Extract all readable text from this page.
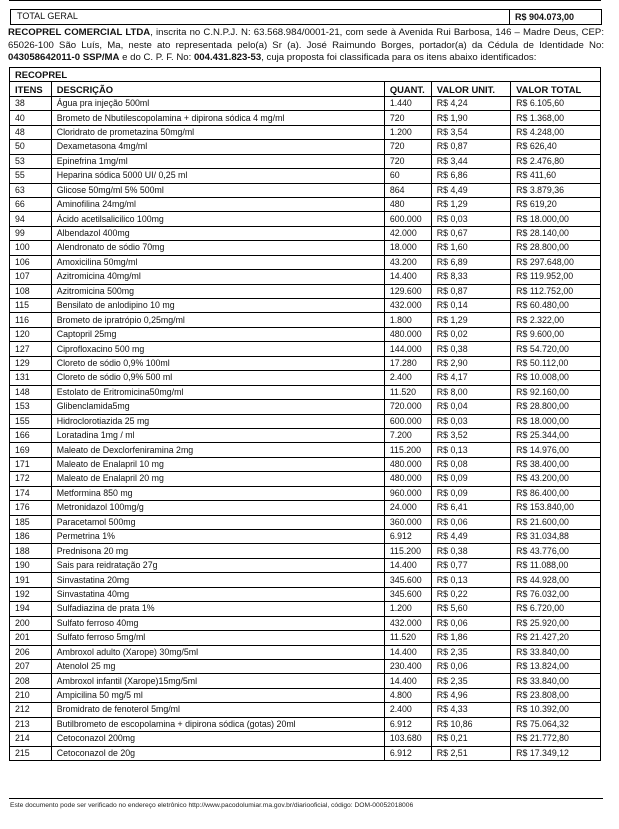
TOTAL GERAL	R$ 904.073,00
RECOPREL COMERCIAL LTDA, inscrita no C.N.P.J. N: 63.568.984/0001-21, com sede à Avenida Rui Barbosa, 146 – Madre Deus, CEP: 65026-100 São Luís, Ma, neste ato representada pelo(a) Sr (a). José Raimundo Borges, portador(a) da Cédula de Identidade No: 043058642011-0 SSP/MA e do C. P. F. No: 004.431.823-53, cuja proposta foi classificada para os itens abaixo identificados:
RECOPREL				
ITENS	DESCRIÇÃO	QUANT.	VALOR UNIT.	VALOR TOTAL
38	Água pra injeção 500ml	1.440	R$ 4,24	R$ 6.105,60
40	Brometo de Nbutilescopolamina + dipirona sódica 4 mg/ml	720	R$ 1,90	R$ 1.368,00
48	Cloridrato de prometazina 50mg/ml	1.200	R$ 3,54	R$ 4.248,00
50	Dexametasona 4mg/ml	720	R$ 0,87	R$ 626,40
53	Epinefrina 1mg/ml	720	R$ 3,44	R$ 2.476,80
55	Heparina sódica 5000 UI/ 0,25 ml	60	R$ 6,86	R$ 411,60
63	Glicose 50mg/ml 5% 500ml	864	R$ 4,49	R$ 3.879,36
66	Aminofilina 24mg/ml	480	R$ 1,29	R$ 619,20
94	Ácido acetilsalicilico 100mg	600.000	R$ 0,03	R$ 18.000,00
99	Albendazol 400mg	42.000	R$ 0,67	R$ 28.140,00
100	Alendronato de sódio 70mg	18.000	R$ 1,60	R$ 28.800,00
106	Amoxicilina 50mg/ml	43.200	R$ 6,89	R$ 297.648,00
107	Azitromicina 40mg/ml	14.400	R$ 8,33	R$ 119.952,00
108	Azitromicina 500mg	129.600	R$ 0,87	R$ 112.752,00
115	Bensilato de anlodipino 10 mg	432.000	R$ 0,14	R$ 60.480,00
116	Brometo de ipratrópio 0,25mg/ml	1.800	R$ 1,29	R$ 2.322,00
120	Captopril 25mg	480.000	R$ 0,02	R$ 9.600,00
127	Ciprofloxacino 500 mg	144.000	R$ 0,38	R$ 54.720,00
129	Cloreto de sódio 0,9% 100ml	17.280	R$ 2,90	R$ 50.112,00
131	Cloreto de sódio 0,9% 500 ml	2.400	R$ 4,17	R$ 10.008,00
148	Estolato de Eritromicina50mg/ml	11.520	R$ 8,00	R$ 92.160,00
153	Glibenclamida5mg	720.000	R$ 0,04	R$ 28.800,00
155	Hidroclorotiazida 25 mg	600.000	R$ 0,03	R$ 18.000,00
166	Loratadina 1mg / ml	7.200	R$ 3,52	R$ 25.344,00
169	Maleato de Dexclorfeniramina 2mg	115.200	R$ 0,13	R$ 14.976,00
171	Maleato de Enalapril 10 mg	480.000	R$ 0,08	R$ 38.400,00
172	Maleato de Enalapril 20 mg	480.000	R$ 0,09	R$ 43.200,00
174	Metformina 850 mg	960.000	R$ 0,09	R$ 86.400,00
176	Metronidazol 100mg/g	24.000	R$ 6,41	R$ 153.840,00
185	Paracetamol 500mg	360.000	R$ 0,06	R$ 21.600,00
186	Permetrina 1%	6.912	R$ 4,49	R$ 31.034,88
188	Prednisona 20 mg	115.200	R$ 0,38	R$ 43.776,00
190	Sais para reidratação 27g	14.400	R$ 0,77	R$ 11.088,00
191	Sinvastatina 20mg	345.600	R$ 0,13	R$ 44.928,00
192	Sinvastatina 40mg	345.600	R$ 0,22	R$ 76.032,00
194	Sulfadiazina de prata 1%	1.200	R$ 5,60	R$ 6.720,00
200	Sulfato ferroso 40mg	432.000	R$ 0,06	R$ 25.920,00
201	Sulfato ferroso 5mg/ml	11.520	R$ 1,86	R$ 21.427,20
206	Ambroxol adulto (Xarope) 30mg/5ml	14.400	R$ 2,35	R$ 33.840,00
207	Atenolol 25 mg	230.400	R$ 0,06	R$ 13.824,00
208	Ambroxol infantil (Xarope)15mg/5ml	14.400	R$ 2,35	R$ 33.840,00
210	Ampicilina 50 mg/5 ml	4.800	R$ 4,96	R$ 23.808,00
212	Bromidrato de fenoterol 5mg/ml	2.400	R$ 4,33	R$ 10.392,00
213	Butilbrometo de escopolamina + dipirona sódica (gotas) 20ml	6.912	R$ 10,86	R$ 75.064,32
214	Cetoconazol 200mg	103.680	R$ 0,21	R$ 21.772,80
215	Cetoconazol de 20g	6.912	R$ 2,51	R$ 17.349,12
Este documento pode ser verificado no endereço eletrônico http://www.pacodolumiar.ma.gov.br/diariooficial, código: DOM-00052018006
